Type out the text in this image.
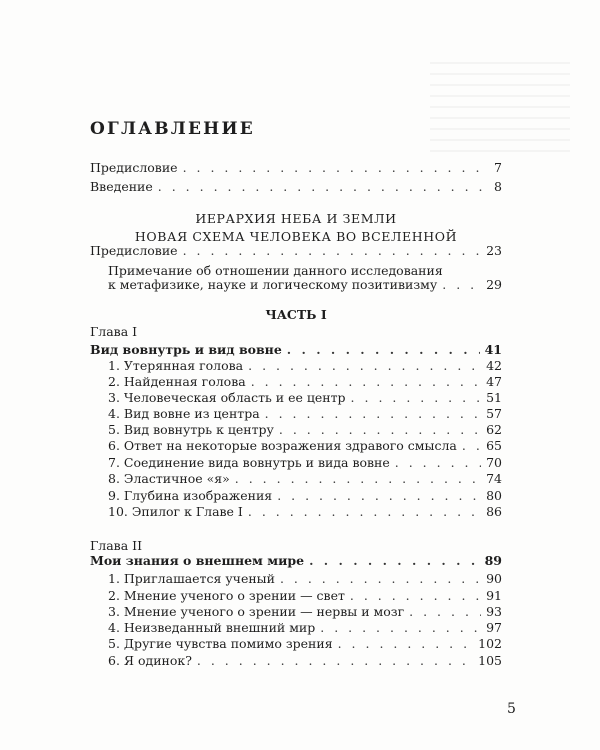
ОГЛАВЛЕНИЕ
Предисловие . . .	7
Введение . . .	8
ИЕРАРХИЯ НЕБА И ЗЕМЛИ
НОВАЯ СХЕМА ЧЕЛОВЕКА ВО ВСЕЛЕННОЙ
Предисловие . . .	23
Примечание об отношении данного исследования
к метафизике, науке и логическому позитивизму . . .	29
ЧАСТЬ I
Глава I
Вид вовнутрь и вид вовне . . .	41
1. Утерянная голова . . .	42
2. Найденная голова . . .	47
3. Человеческая область и ее центр . . .	51
4. Вид вовне из центра . . .	57
5. Вид вовнутрь к центру . . .	62
6. Ответ на некоторые возражения здравого смысла . . . 65
7. Соединение вида вовнутрь и вида вовне . . .	70
8. Эластичное «я» . . .	74
9. Глубина изображения . . .	80
10. Эпилог к Главе I . . .	86
Глава II
Мои знания о внешнем мире . . .	89
1. Приглашается ученый . . .	90
2. Мнение ученого о зрении — свет . . .	91
3. Мнение ученого о зрении — нервы и мозг . . .	93
4. Неизведанный внешний мир . . .	97
5. Другие чувства помимо зрения . . .	102
6. Я одинок? . . .	105
5
